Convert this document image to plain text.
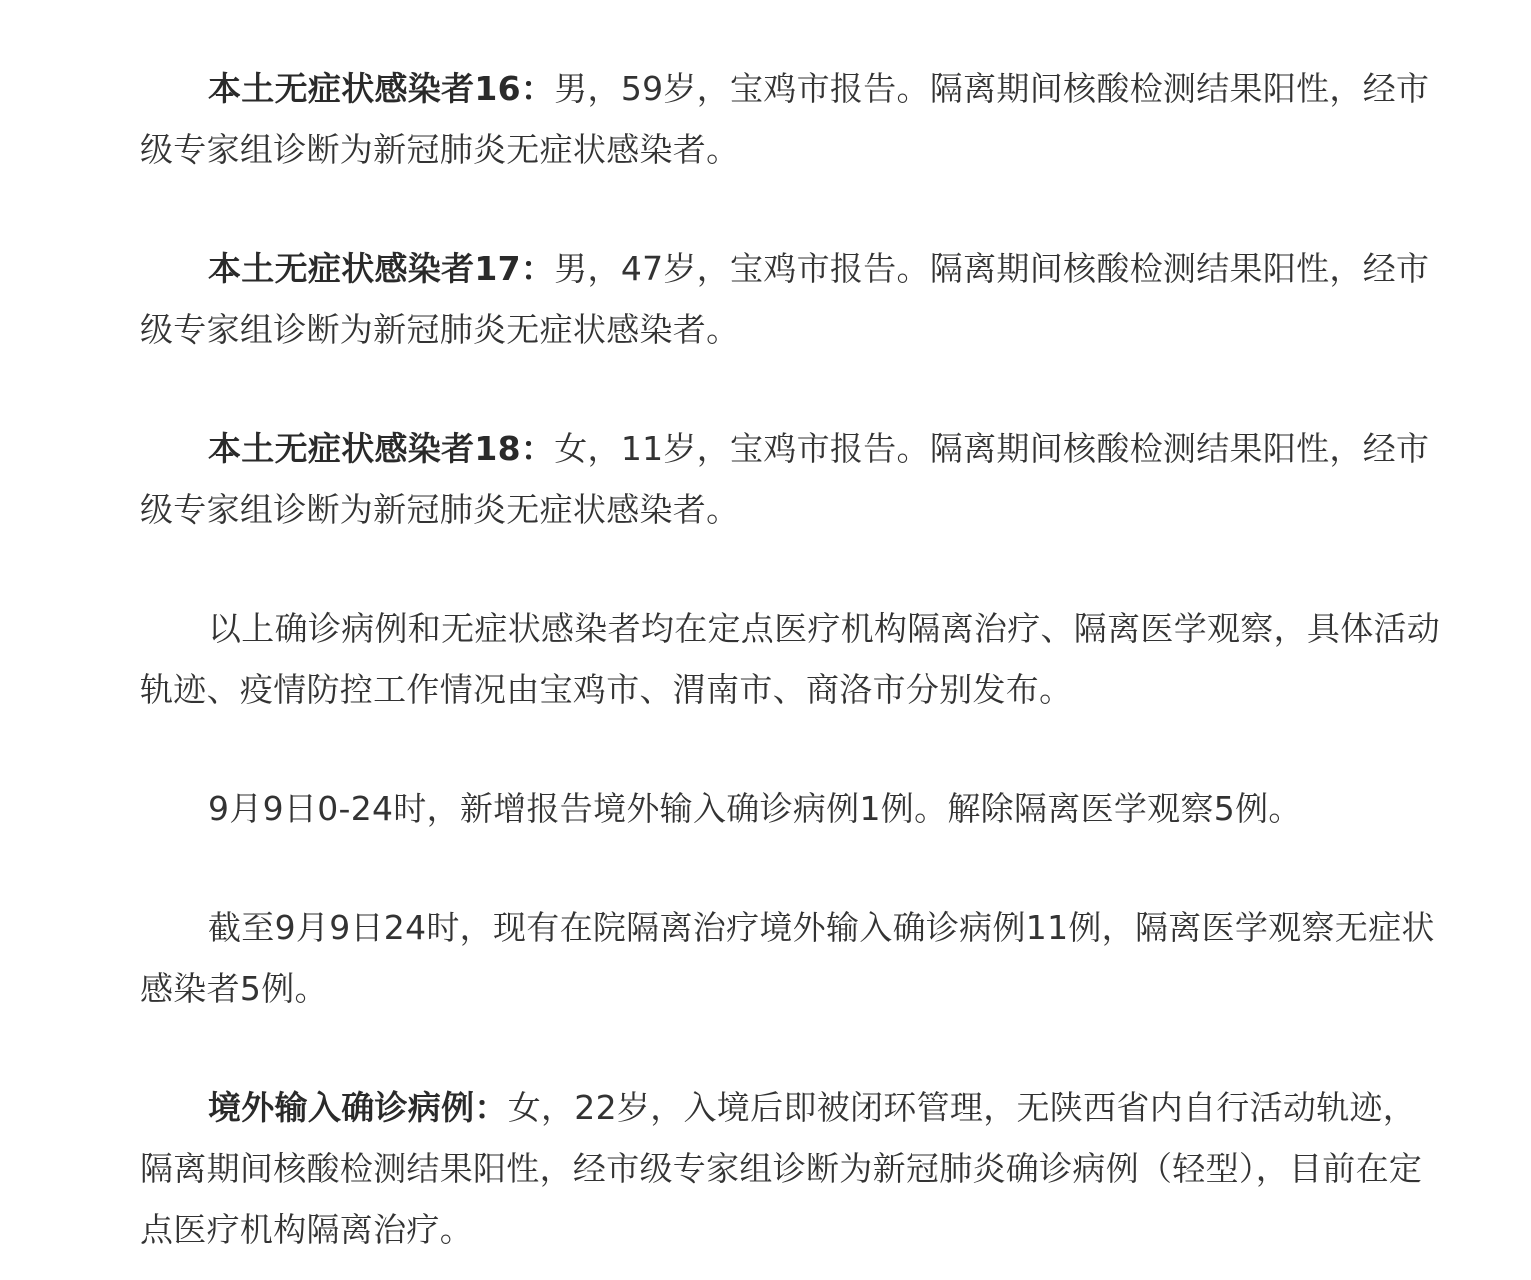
本土无症状感染者16：男，59岁，宝鸡市报告。隔离期间核酸检测结果阳性，经市级专家组诊断为新冠肺炎无症状感染者。

本土无症状感染者17：男，47岁，宝鸡市报告。隔离期间核酸检测结果阳性，经市级专家组诊断为新冠肺炎无症状感染者。

本土无症状感染者18：女，11岁，宝鸡市报告。隔离期间核酸检测结果阳性，经市级专家组诊断为新冠肺炎无症状感染者。

以上确诊病例和无症状感染者均在定点医疗机构隔离治疗、隔离医学观察，具体活动轨迹、疫情防控工作情况由宝鸡市、渭南市、商洛市分别发布。

9月9日0-24时，新增报告境外输入确诊病例1例。解除隔离医学观察5例。

截至9月9日24时，现有在院隔离治疗境外输入确诊病例11例，隔离医学观察无症状感染者5例。

境外输入确诊病例：女，22岁，入境后即被闭环管理，无陕西省内自行活动轨迹，隔离期间核酸检测结果阳性，经市级专家组诊断为新冠肺炎确诊病例（轻型），目前在定点医疗机构隔离治疗。
